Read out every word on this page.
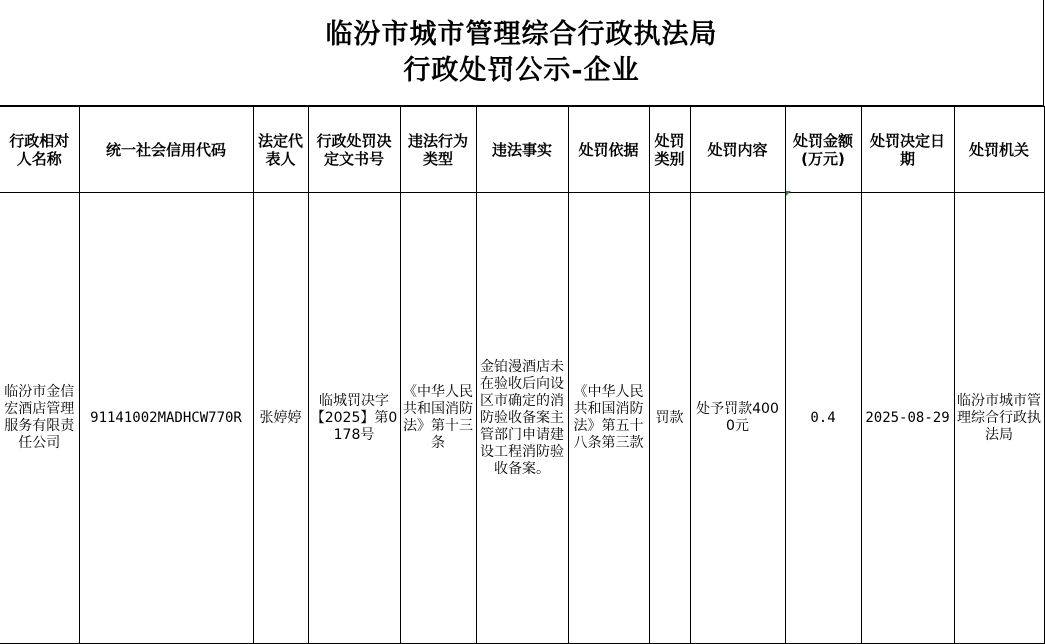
临汾市城市管理综合行政执法局
行政处罚公示-企业
行政相对人名称	统一社会信用代码	法定代表人	行政处罚决定文书号	违法行为类型	违法事实	处罚依据	处罚类别	处罚内容	处罚金额(万元)	处罚决定日期	处罚机关
临汾市金信宏酒店管理服务有限责任公司	91141002MADHCW770R	张婷婷	临城罚决字【2025】第0178号	《中华人民共和国消防法》第十三条	金铂漫酒店未在验收后向设区市确定的消防验收备案主管部门申请建设工程消防验收备案。	《中华人民共和国消防法》第五十八条第三款	罚款	处予罚款4000元	0.4	2025-08-29	临汾市城市管理综合行政执法局
